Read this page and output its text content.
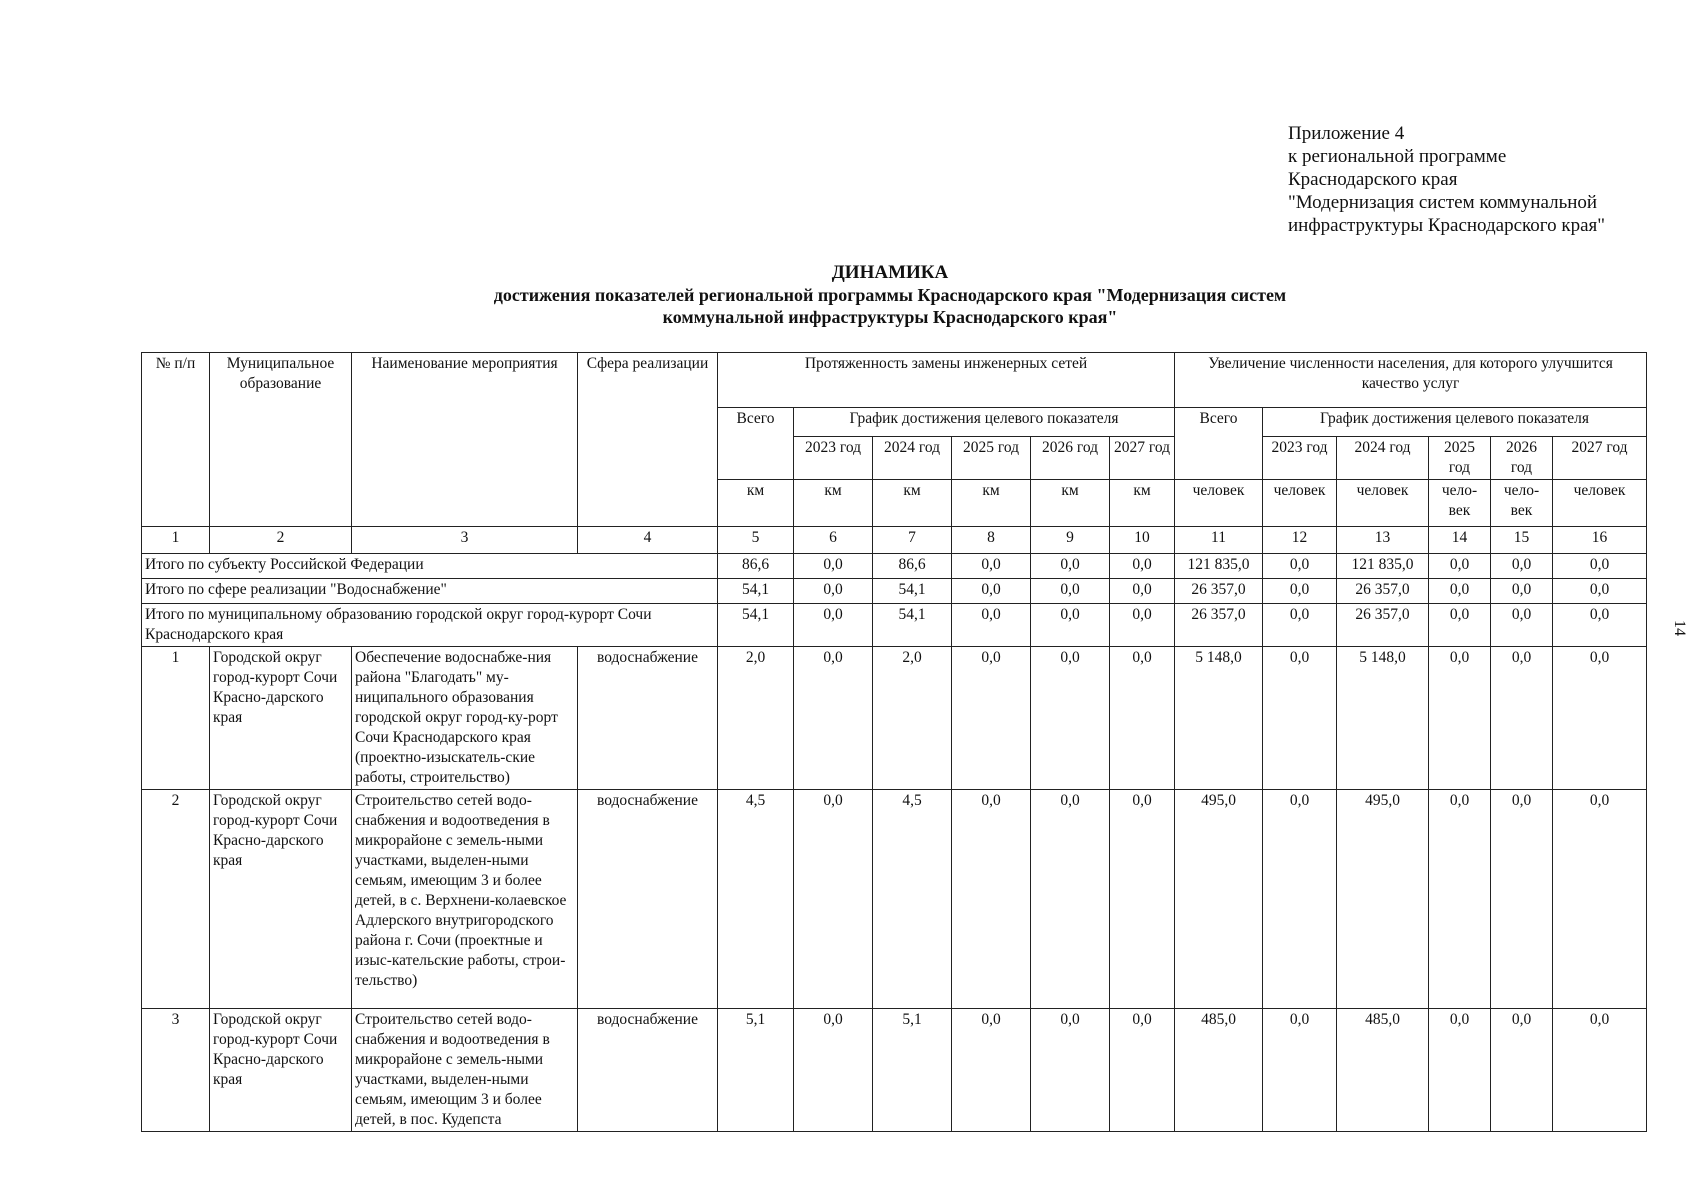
Приложение 4
к региональной программе
Краснодарского края
"Модернизация систем коммунальной
инфраструктуры Краснодарского края"
ДИНАМИКА
достижения показателей региональной программы Краснодарского края "Модернизация систем
коммунальной инфраструктуры Краснодарского края"
14
№ п/п	Муниципальное образование	Наименование мероприятия	Сфера реализации	Протяженность замены инженерных сетей						Увеличение численности населения, для которого улучшится качество услуг					
				Всего	График достижения целевого показателя					Всего	График достижения целевого показателя				
					2023 год	2024 год	2025 год	2026 год	2027 год		2023 год	2024 год	2025 год	2026 год	2027 год
				км	км	км	км	км	км	человек	человек	человек	чело-век	чело-век	человек
1	2	3	4	5	6	7	8	9	10	11	12	13	14	15	16
Итого по субъекту Российской Федерации				86,6	0,0	86,6	0,0	0,0	0,0	121 835,0	0,0	121 835,0	0,0	0,0	0,0
Итого по сфере реализации "Водоснабжение"				54,1	0,0	54,1	0,0	0,0	0,0	26 357,0	0,0	26 357,0	0,0	0,0	0,0
Итого по муниципальному образованию городской округ город-курорт Сочи Краснодарского края				54,1	0,0	54,1	0,0	0,0	0,0	26 357,0	0,0	26 357,0	0,0	0,0	0,0
1	Городской округ город-курорт Сочи Красно-дарского края	Обеспечение водоснабже-ния района "Благодать" му-ниципального образования городской округ город-ку-рорт Сочи Краснодарского края (проектно-изыскатель-ские работы, строительство)	водоснабжение	2,0	0,0	2,0	0,0	0,0	0,0	5 148,0	0,0	5 148,0	0,0	0,0	0,0
2	Городской округ город-курорт Сочи Красно-дарского края	Строительство сетей водо-снабжения и водоотведения в микрорайоне с земель-ными участками, выделен-ными семьям, имеющим 3 и более детей, в с. Верхнени-колаевское Адлерского внутригородского района г. Сочи (проектные и изыс-кательские работы, строи-тельство)	водоснабжение	4,5	0,0	4,5	0,0	0,0	0,0	495,0	0,0	495,0	0,0	0,0	0,0
3	Городской округ город-курорт Сочи Красно-дарского края	Строительство сетей водо-снабжения и водоотведения в микрорайоне с земель-ными участками, выделен-ными семьям, имеющим 3 и более детей, в пос. Кудепста	водоснабжение	5,1	0,0	5,1	0,0	0,0	0,0	485,0	0,0	485,0	0,0	0,0	0,0
